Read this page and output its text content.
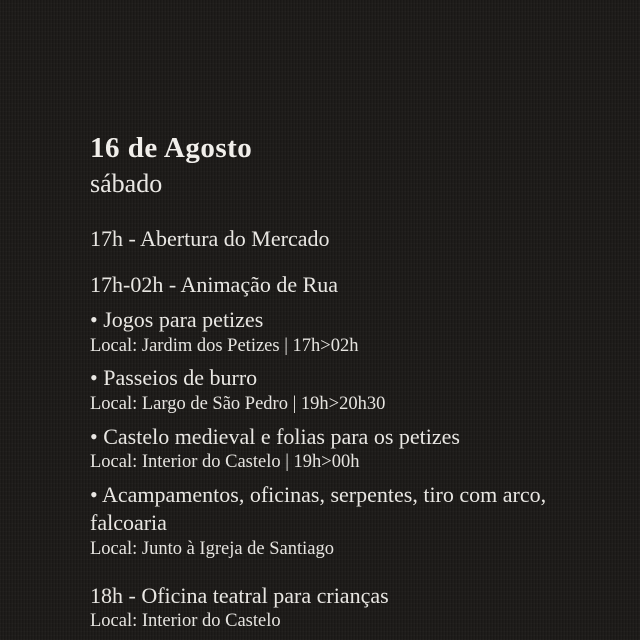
16 de Agosto
sábado
17h - Abertura do Mercado
17h-02h - Animação de Rua
• Jogos para petizes
Local: Jardim dos Petizes | 17h>02h
• Passeios de burro
Local: Largo de São Pedro | 19h>20h30
• Castelo medieval e folias para os petizes
Local: Interior do Castelo | 19h>00h
• Acampamentos, oficinas, serpentes, tiro com arco, falcoaria
Local: Junto à Igreja de Santiago
18h - Oficina teatral para crianças
Local: Interior do Castelo
